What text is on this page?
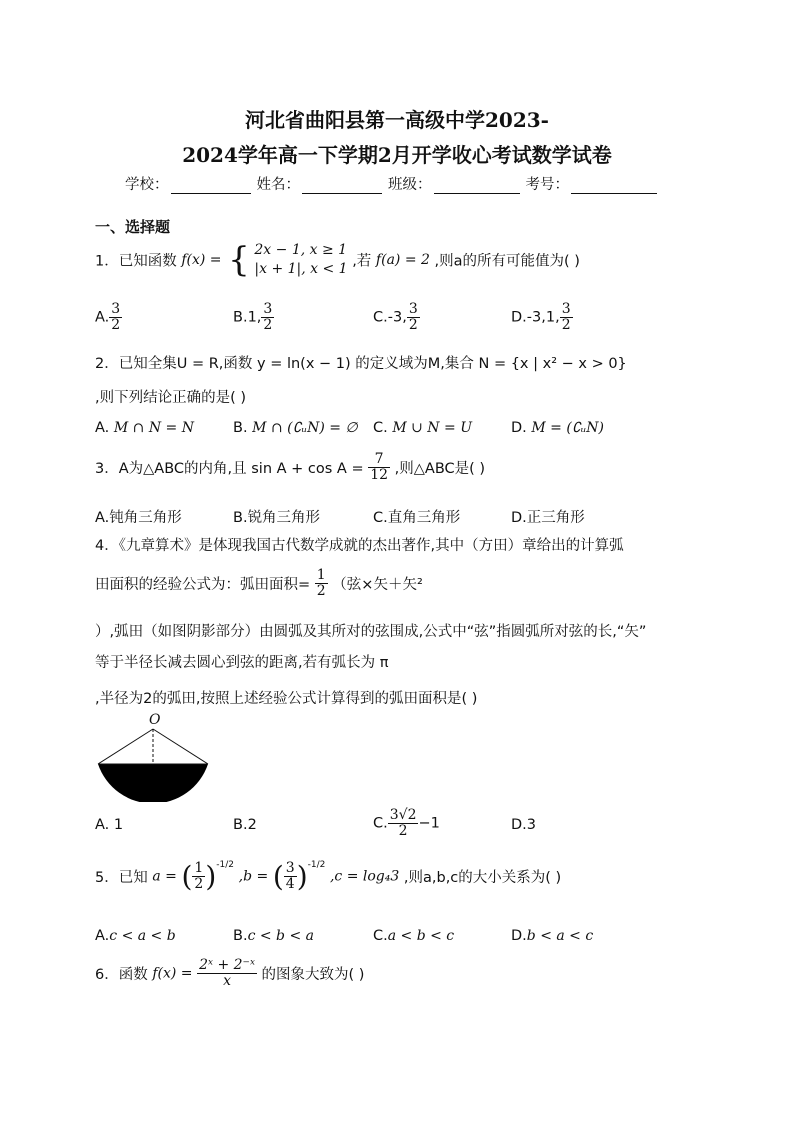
河北省曲阳县第一高级中学2023-
2024学年高一下学期2月开学收心考试数学试卷
学校：	姓名：	班级：	考号：
一、选择题
1．已知函数 f(x) = { 2x − 1, x ≥ 1
|x + 1|, x < 1 ,若 f(a) = 2 ,则a的所有可能值为( )
A. $\frac{3}{2}$	B.1, $\frac{3}{2}$	C.-3, $\frac{3}{2}$	D.-3,1, $\frac{3}{2}$
2．已知全集U = R,函数 y = ln(x − 1) 的定义域为M,集合 N = {x | x² − x > 0}
,则下列结论正确的是( )
A. M ∩ N = N	B. M ∩ (∁ᵤN) = ∅ C. M ∪ N = U	D. M = (∁ᵤN)
3．A为△ABC的内角,且 $\sin A + \cos A = \frac{7}{12}$ ,则△ABC是( )
A.钝角三角形	B.锐角三角形	C.直角三角形	D.正三角形
4．《九章算术》是体现我国古代数学成就的杰出著作,其中（方田）章给出的计算弧
田面积的经验公式为：弧田面积= $\frac{1}{2}$ （弦×矢＋矢²
）,弧田（如图阴影部分）由圆弧及其所对的弦围成,公式中“弦”指圆弧所对弦的长,“矢”
等于半径长减去圆心到弦的距离,若有弧长为 π
,半径为2的弧田,按照上述经验公式计算得到的弧田面积是( )
O
A. 1	B.2	C. $\frac{3√2}{2} -1$	D.3
5．已知 a = ( $\frac{1}{2} )^{-1/2}$ ,b = ( $\frac{3}{4} )^{-1/2}$ ,c = log₄3 ,则a,b,c的大小关系为( )
A.c < a < b	B.c < b < a	C.a < b < c	D.b < a < c
6．函数 $f(x) = \frac{\text{2ˣ + 2⁻ˣ}}{x}$ 的图象大致为( )
